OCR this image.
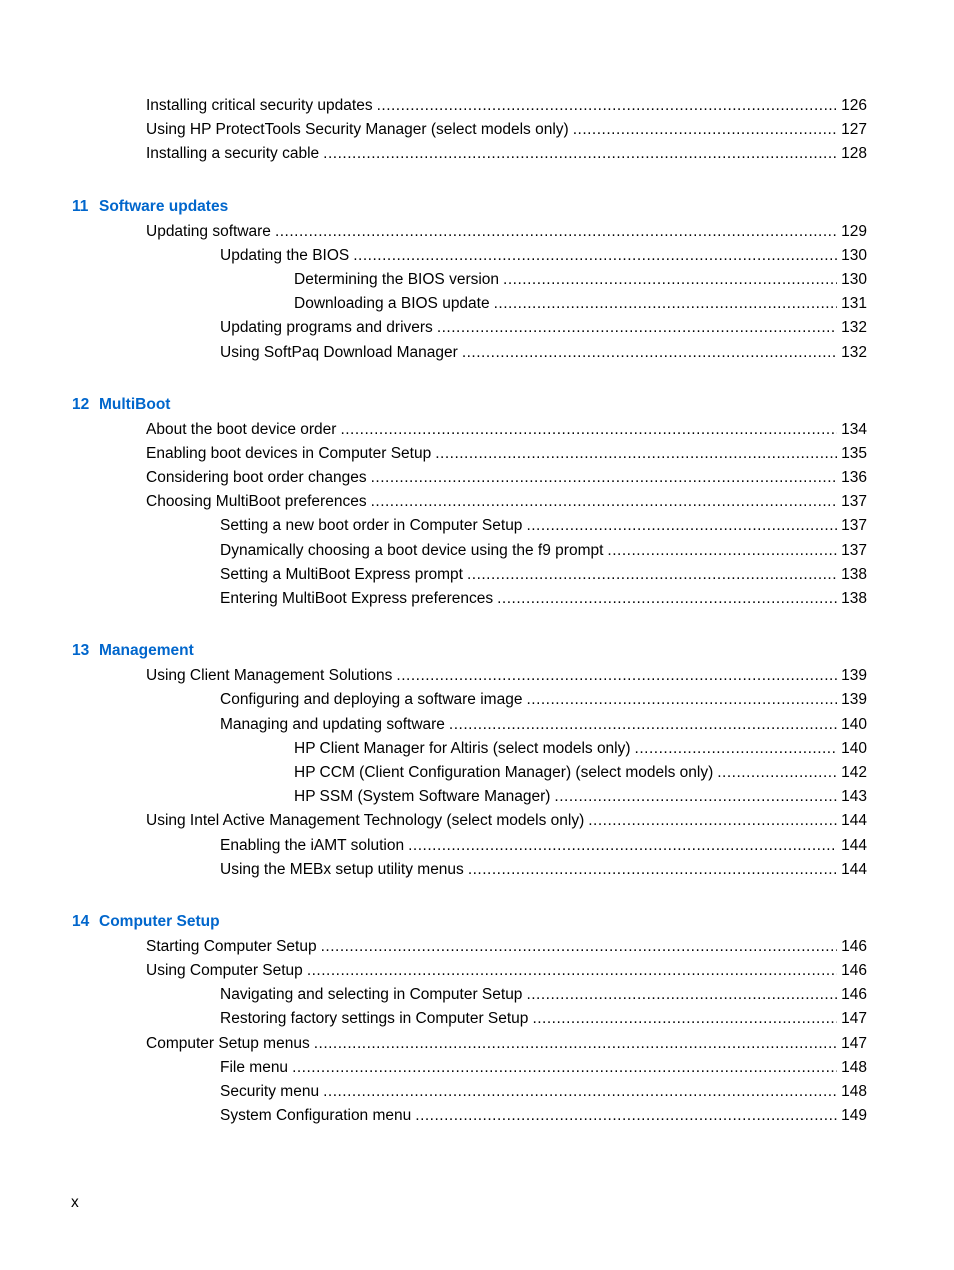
Installing critical security updates .....	126
Using HP ProtectTools Security Manager (select models only) .....	127
Installing a security cable .....	128
11 Software updates
Updating software .....	129
Updating the BIOS .....	130
Determining the BIOS version .....	130
Downloading a BIOS update .....	131
Updating programs and drivers .....	132
Using SoftPaq Download Manager .....	132
12 MultiBoot
About the boot device order .....	134
Enabling boot devices in Computer Setup .....	135
Considering boot order changes .....	136
Choosing MultiBoot preferences .....	137
Setting a new boot order in Computer Setup .....	137
Dynamically choosing a boot device using the f9 prompt .....	137
Setting a MultiBoot Express prompt .....	138
Entering MultiBoot Express preferences .....	138
13 Management
Using Client Management Solutions .....	139
Configuring and deploying a software image .....	139
Managing and updating software .....	140
HP Client Manager for Altiris (select models only) .....	140
HP CCM (Client Configuration Manager) (select models only) .....	142
HP SSM (System Software Manager) .....	143
Using Intel Active Management Technology (select models only) .....	144
Enabling the iAMT solution .....	144
Using the MEBx setup utility menus .....	144
14 Computer Setup
Starting Computer Setup .....	146
Using Computer Setup .....	146
Navigating and selecting in Computer Setup .....	146
Restoring factory settings in Computer Setup .....	147
Computer Setup menus .....	147
File menu .....	148
Security menu .....	148
System Configuration menu .....	149
x
